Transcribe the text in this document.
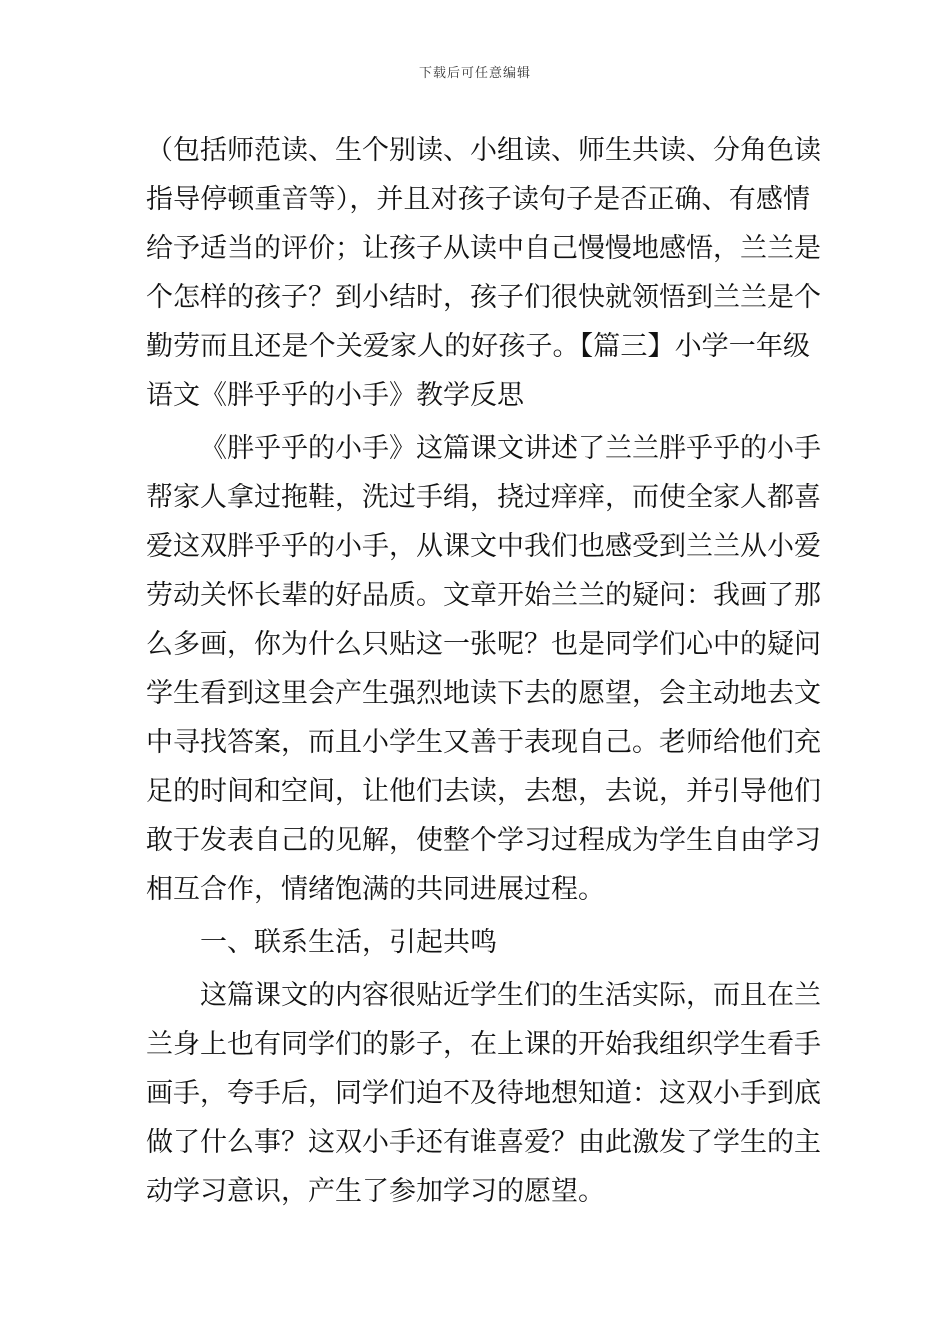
下载后可任意编辑
（包括师范读、生个别读、小组读、师生共读、分角色读
指导停顿重音等），并且对孩子读句子是否正确、有感情
给予适当的评价；让孩子从读中自己慢慢地感悟，兰兰是
个怎样的孩子？到小结时，孩子们很快就领悟到兰兰是个
勤劳而且还是个关爱家人的好孩子。【篇三】小学一年级
语文《胖乎乎的小手》教学反思
《胖乎乎的小手》这篇课文讲述了兰兰胖乎乎的小手
帮家人拿过拖鞋，洗过手绢，挠过痒痒，而使全家人都喜
爱这双胖乎乎的小手，从课文中我们也感受到兰兰从小爱
劳动关怀长辈的好品质。文章开始兰兰的疑问：我画了那
么多画，你为什么只贴这一张呢？也是同学们心中的疑问
学生看到这里会产生强烈地读下去的愿望，会主动地去文
中寻找答案，而且小学生又善于表现自己。老师给他们充
足的时间和空间，让他们去读，去想，去说，并引导他们
敢于发表自己的见解，使整个学习过程成为学生自由学习
相互合作，情绪饱满的共同进展过程。
一、联系生活，引起共鸣
这篇课文的内容很贴近学生们的生活实际，而且在兰
兰身上也有同学们的影子，在上课的开始我组织学生看手
画手，夸手后，同学们迫不及待地想知道：这双小手到底
做了什么事？这双小手还有谁喜爱？由此激发了学生的主
动学习意识，产生了参加学习的愿望。
